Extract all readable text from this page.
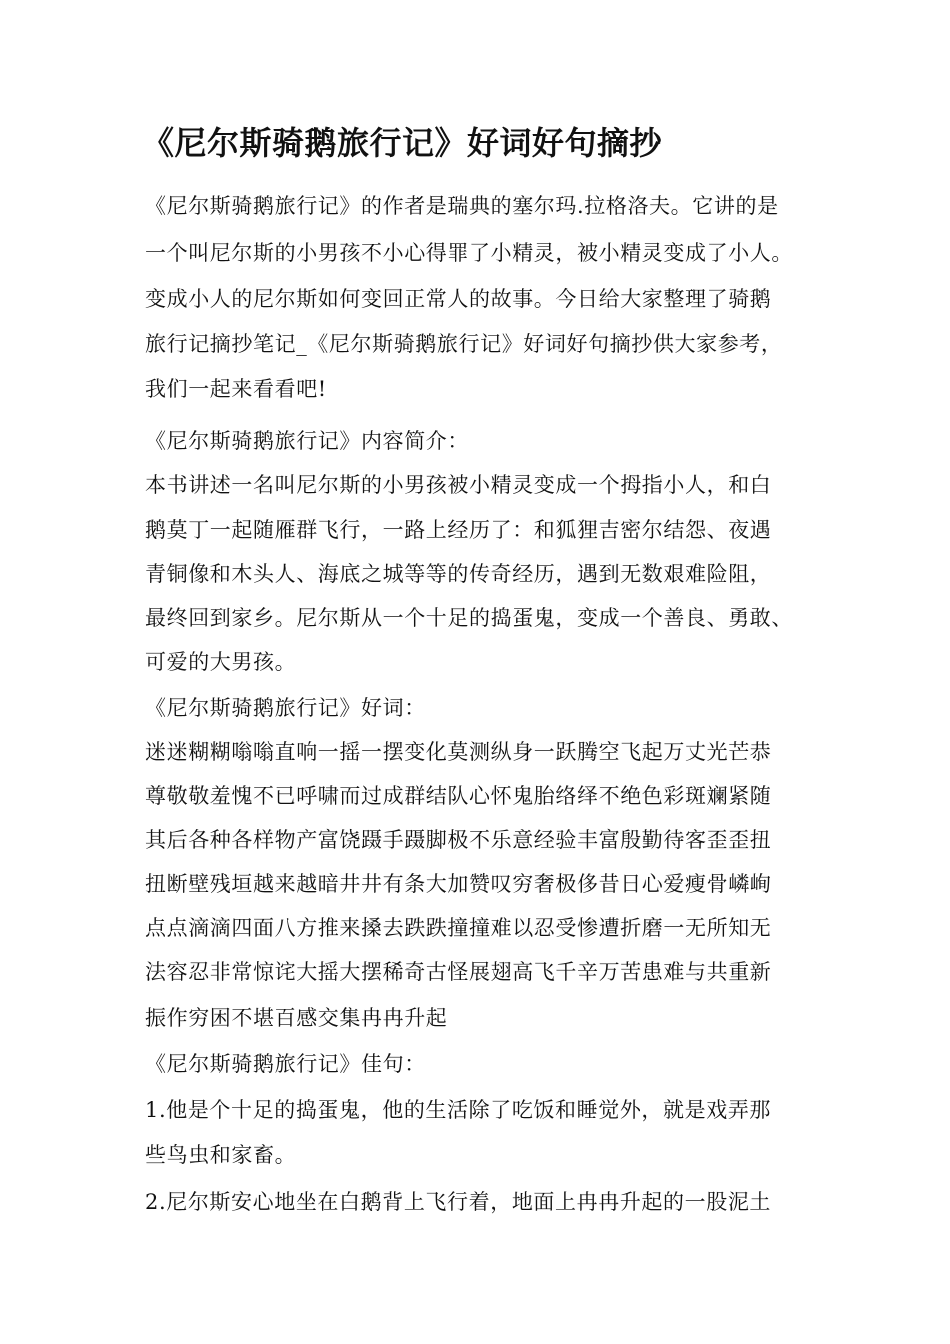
《尼尔斯骑鹅旅行记》好词好句摘抄
《尼尔斯骑鹅旅行记》的作者是瑞典的塞尔玛.拉格洛夫。它讲的是
一个叫尼尔斯的小男孩不小心得罪了小精灵，被小精灵变成了小人。
变成小人的尼尔斯如何变回正常人的故事。今日给大家整理了骑鹅
旅行记摘抄笔记_《尼尔斯骑鹅旅行记》好词好句摘抄供大家参考，
我们一起来看看吧!
《尼尔斯骑鹅旅行记》内容简介：
本书讲述一名叫尼尔斯的小男孩被小精灵变成一个拇指小人，和白
鹅莫丁一起随雁群飞行，一路上经历了：和狐狸吉密尔结怨、夜遇
青铜像和木头人、海底之城等等的传奇经历，遇到无数艰难险阻，
最终回到家乡。尼尔斯从一个十足的捣蛋鬼，变成一个善良、勇敢、
可爱的大男孩。
《尼尔斯骑鹅旅行记》好词：
迷迷糊糊嗡嗡直响一摇一摆变化莫测纵身一跃腾空飞起万丈光芒恭
尊敬敬羞愧不已呼啸而过成群结队心怀鬼胎络绎不绝色彩斑斓紧随
其后各种各样物产富饶蹑手蹑脚极不乐意经验丰富殷勤待客歪歪扭
扭断壁残垣越来越暗井井有条大加赞叹穷奢极侈昔日心爱瘦骨嶙峋
点点滴滴四面八方推来搡去跌跌撞撞难以忍受惨遭折磨一无所知无
法容忍非常惊诧大摇大摆稀奇古怪展翅高飞千辛万苦患难与共重新
振作穷困不堪百感交集冉冉升起
《尼尔斯骑鹅旅行记》佳句：
1.他是个十足的捣蛋鬼，他的生活除了吃饭和睡觉外，就是戏弄那
些鸟虫和家畜。
2.尼尔斯安心地坐在白鹅背上飞行着，地面上冉冉升起的一股泥土
